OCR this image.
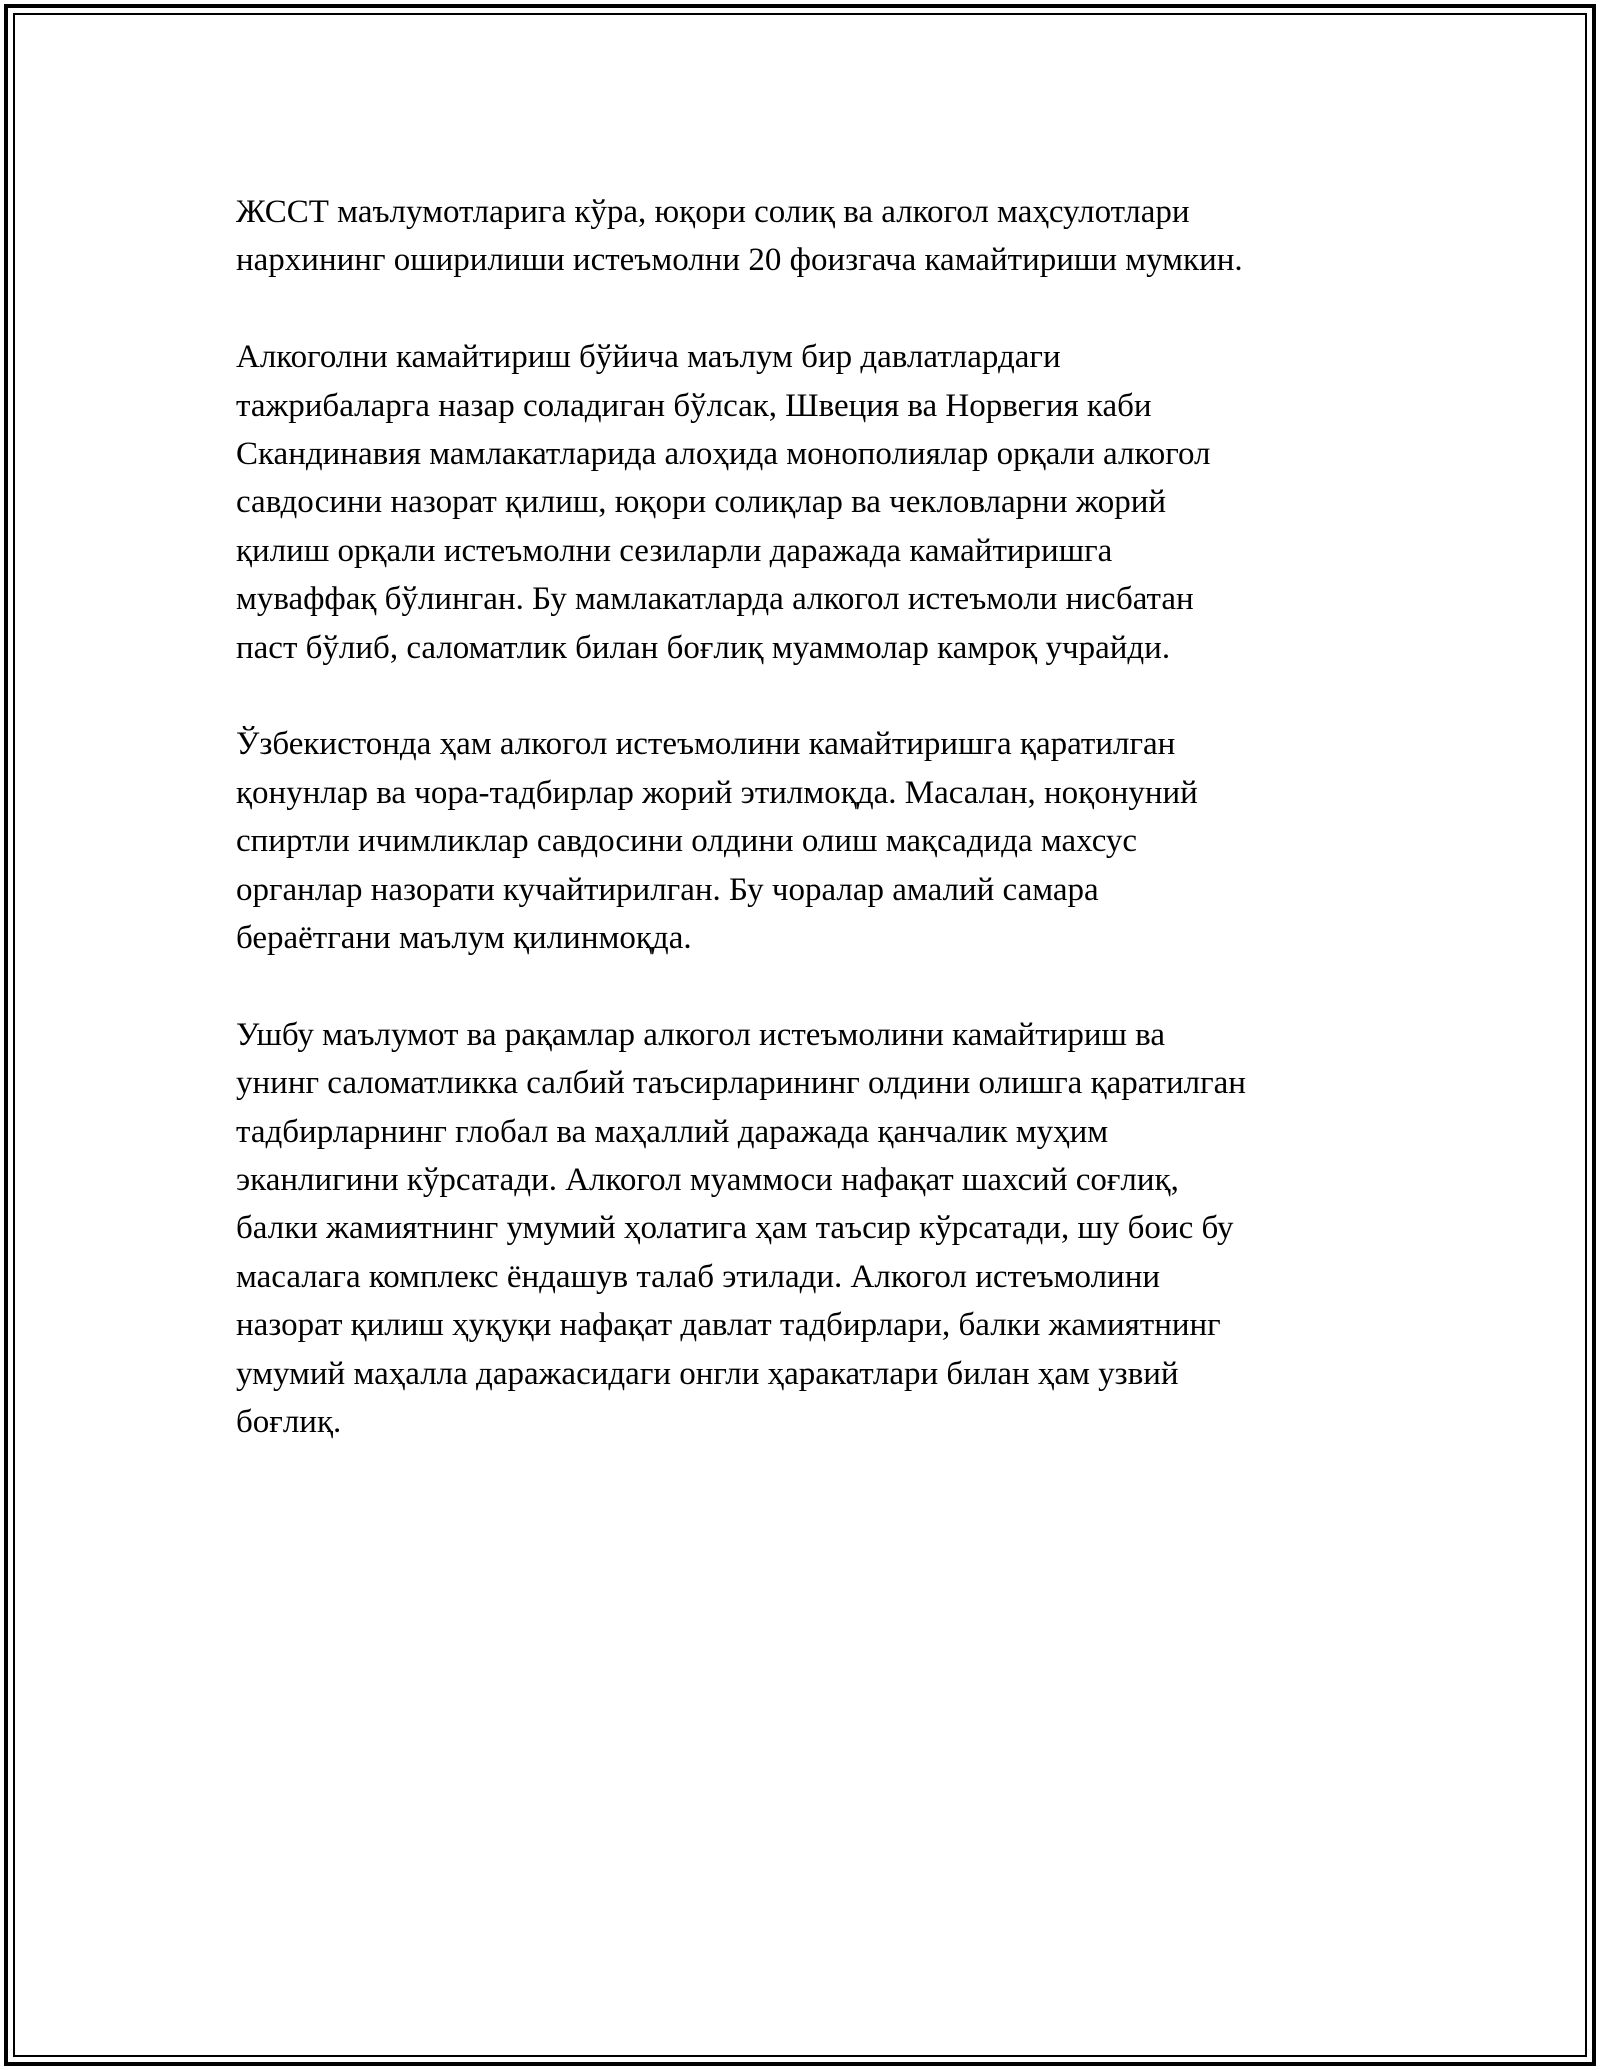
ЖССТ маълумотларига кўра, юқори солиқ ва алкогол маҳсулотлари
нархининг оширилиши истеъмолни 20 фоизгача камайтириши мумкин.

Алкоголни камайтириш бўйича маълум бир давлатлардаги
тажрибаларга назар соладиган бўлсак, Швеция ва Норвегия каби
Скандинавия мамлакатларида алоҳида монополиялар орқали алкогол
савдосини назорат қилиш, юқори солиқлар ва чекловларни жорий
қилиш орқали истеъмолни сезиларли даражада камайтиришга
муваффақ бўлинган. Бу мамлакатларда алкогол истеъмоли нисбатан
паст бўлиб, саломатлик билан боғлиқ муаммолар камроқ учрайди.

Ўзбекистонда ҳам алкогол истеъмолини камайтиришга қаратилган
қонунлар ва чора-тадбирлар жорий этилмоқда. Масалан, ноқонуний
спиртли ичимликлар савдосини олдини олиш мақсадида махсус
органлар назорати кучайтирилган. Бу чоралар амалий самара
бераётгани маълум қилинмоқда.

Ушбу маълумот ва рақамлар алкогол истеъмолини камайтириш ва
унинг саломатликка салбий таъсирларининг олдини олишга қаратилган
тадбирларнинг глобал ва маҳаллий даражада қанчалик муҳим
эканлигини кўрсатади. Алкогол муаммоси нафақат шахсий соғлиқ,
балки жамиятнинг умумий ҳолатига ҳам таъсир кўрсатади, шу боис бу
масалага комплекс ёндашув талаб этилади. Алкогол истеъмолини
назорат қилиш ҳуқуқи нафақат давлат тадбирлари, балки жамиятнинг
умумий маҳалла даражасидаги онгли ҳаракатлари билан ҳам узвий
боғлиқ.
